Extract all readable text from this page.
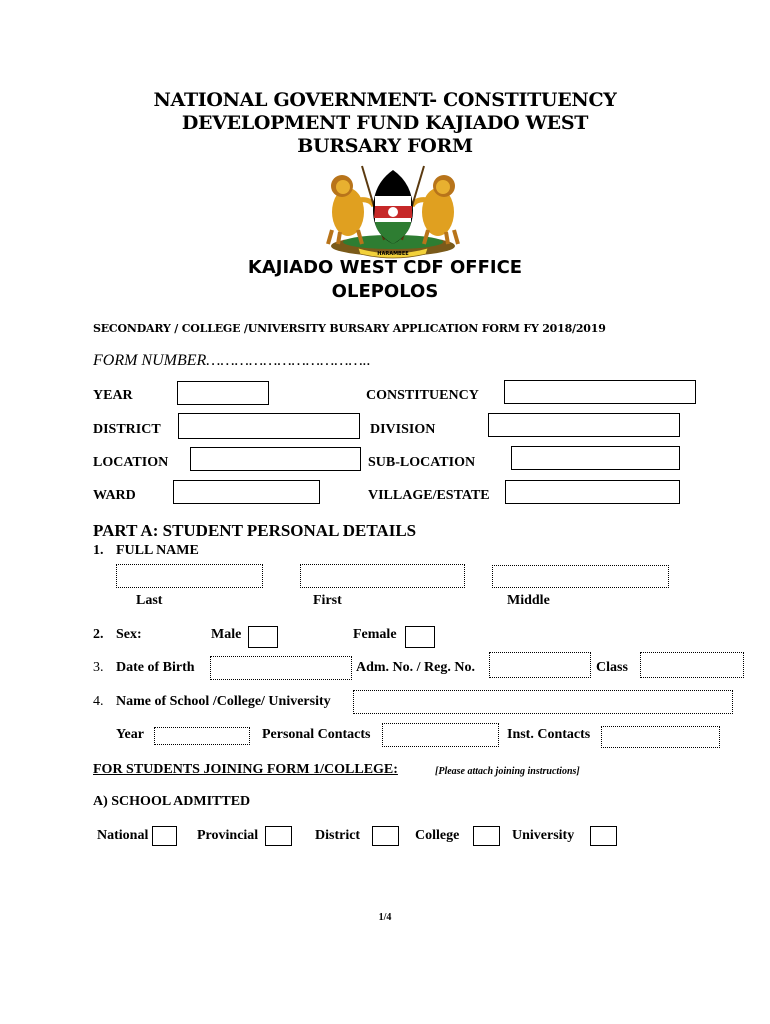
NATIONAL GOVERNMENT- CONSTITUENCY
DEVELOPMENT FUND KAJIADO WEST
BURSARY FORM
HARAMBEE
KAJIADO WEST CDF OFFICE
OLEPOLOS
SECONDARY / COLLEGE /UNIVERSITY BURSARY APPLICATION FORM FY 2018/2019
FORM NUMBER……………………………..
YEAR	CONSTITUENCY
DISTRICT	DIVISION
LOCATION	SUB-LOCATION
WARD	VILLAGE/ESTATE
PART A: STUDENT PERSONAL DETAILS
1. FULL NAME
Last	First	Middle
2. Sex:	Male	Female
3. Date of Birth	Adm. No. / Reg. No.	Class
4. Name of School /College/ University
Year	Personal Contacts	Inst. Contacts
FOR STUDENTS JOINING FORM 1/COLLEGE:	[Please attach joining instructions]
A) SCHOOL ADMITTED
National	Provincial	District	College	University
1/4
